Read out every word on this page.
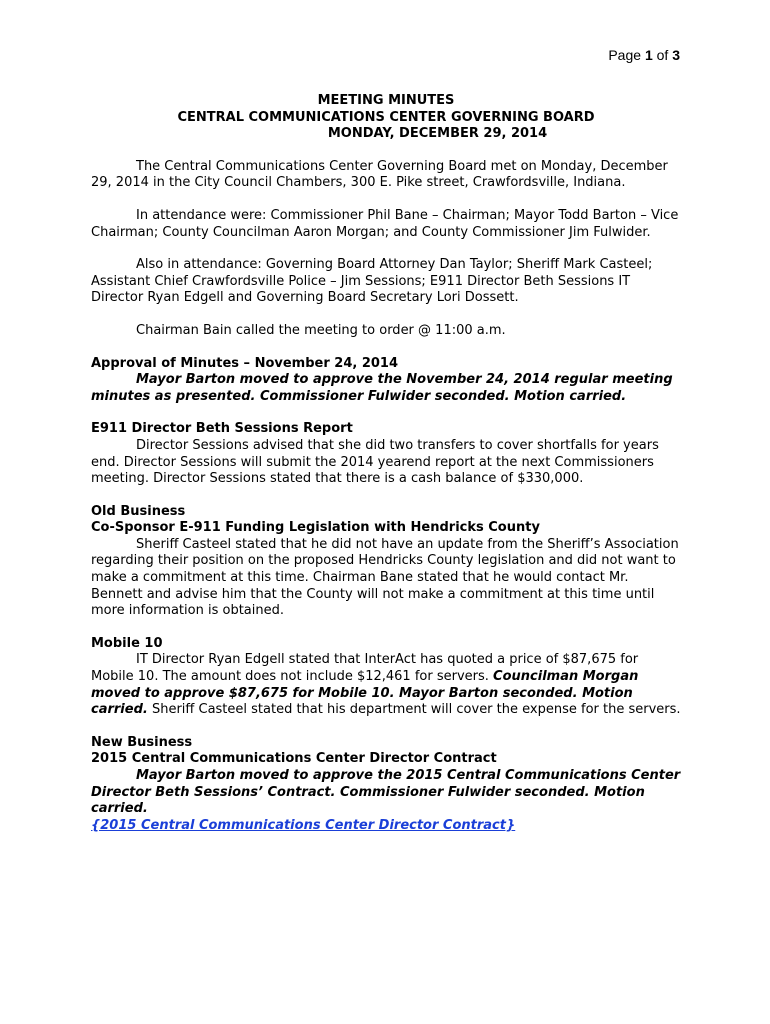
Page 1 of 3
MEETING MINUTES
CENTRAL COMMUNICATIONS CENTER GOVERNING BOARD
MONDAY, DECEMBER 29, 2014

The Central Communications Center Governing Board met on Monday, December 29, 2014 in the City Council Chambers, 300 E. Pike street, Crawfordsville, Indiana.

In attendance were: Commissioner Phil Bane – Chairman; Mayor Todd Barton – Vice Chairman; County Councilman Aaron Morgan; and County Commissioner Jim Fulwider.

Also in attendance: Governing Board Attorney Dan Taylor; Sheriff Mark Casteel; Assistant Chief Crawfordsville Police – Jim Sessions; E911 Director Beth Sessions IT Director Ryan Edgell and Governing Board Secretary Lori Dossett.

Chairman Bain called the meeting to order @ 11:00 a.m.

Approval of Minutes – November 24, 2014
Mayor Barton moved to approve the November 24, 2014 regular meeting minutes as presented. Commissioner Fulwider seconded. Motion carried.
E911 Director Beth Sessions Report
Director Sessions advised that she did two transfers to cover shortfalls for years end. Director Sessions will submit the 2014 yearend report at the next Commissioners meeting. Director Sessions stated that there is a cash balance of $330,000.
Old Business
Co-Sponsor E-911 Funding Legislation with Hendricks County
Sheriff Casteel stated that he did not have an update from the Sheriff’s Association regarding their position on the proposed Hendricks County legislation and did not want to make a commitment at this time. Chairman Bane stated that he would contact Mr. Bennett and advise him that the County will not make a commitment at this time until more information is obtained.
Mobile 10
IT Director Ryan Edgell stated that InterAct has quoted a price of $87,675 for Mobile 10. The amount does not include $12,461 for servers. Councilman Morgan moved to approve $87,675 for Mobile 10. Mayor Barton seconded. Motion carried. Sheriff Casteel stated that his department will cover the expense for the servers.
New Business
2015 Central Communications Center Director Contract
Mayor Barton moved to approve the 2015 Central Communications Center Director Beth Sessions’ Contract. Commissioner Fulwider seconded. Motion carried.
{2015 Central Communications Center Director Contract}
